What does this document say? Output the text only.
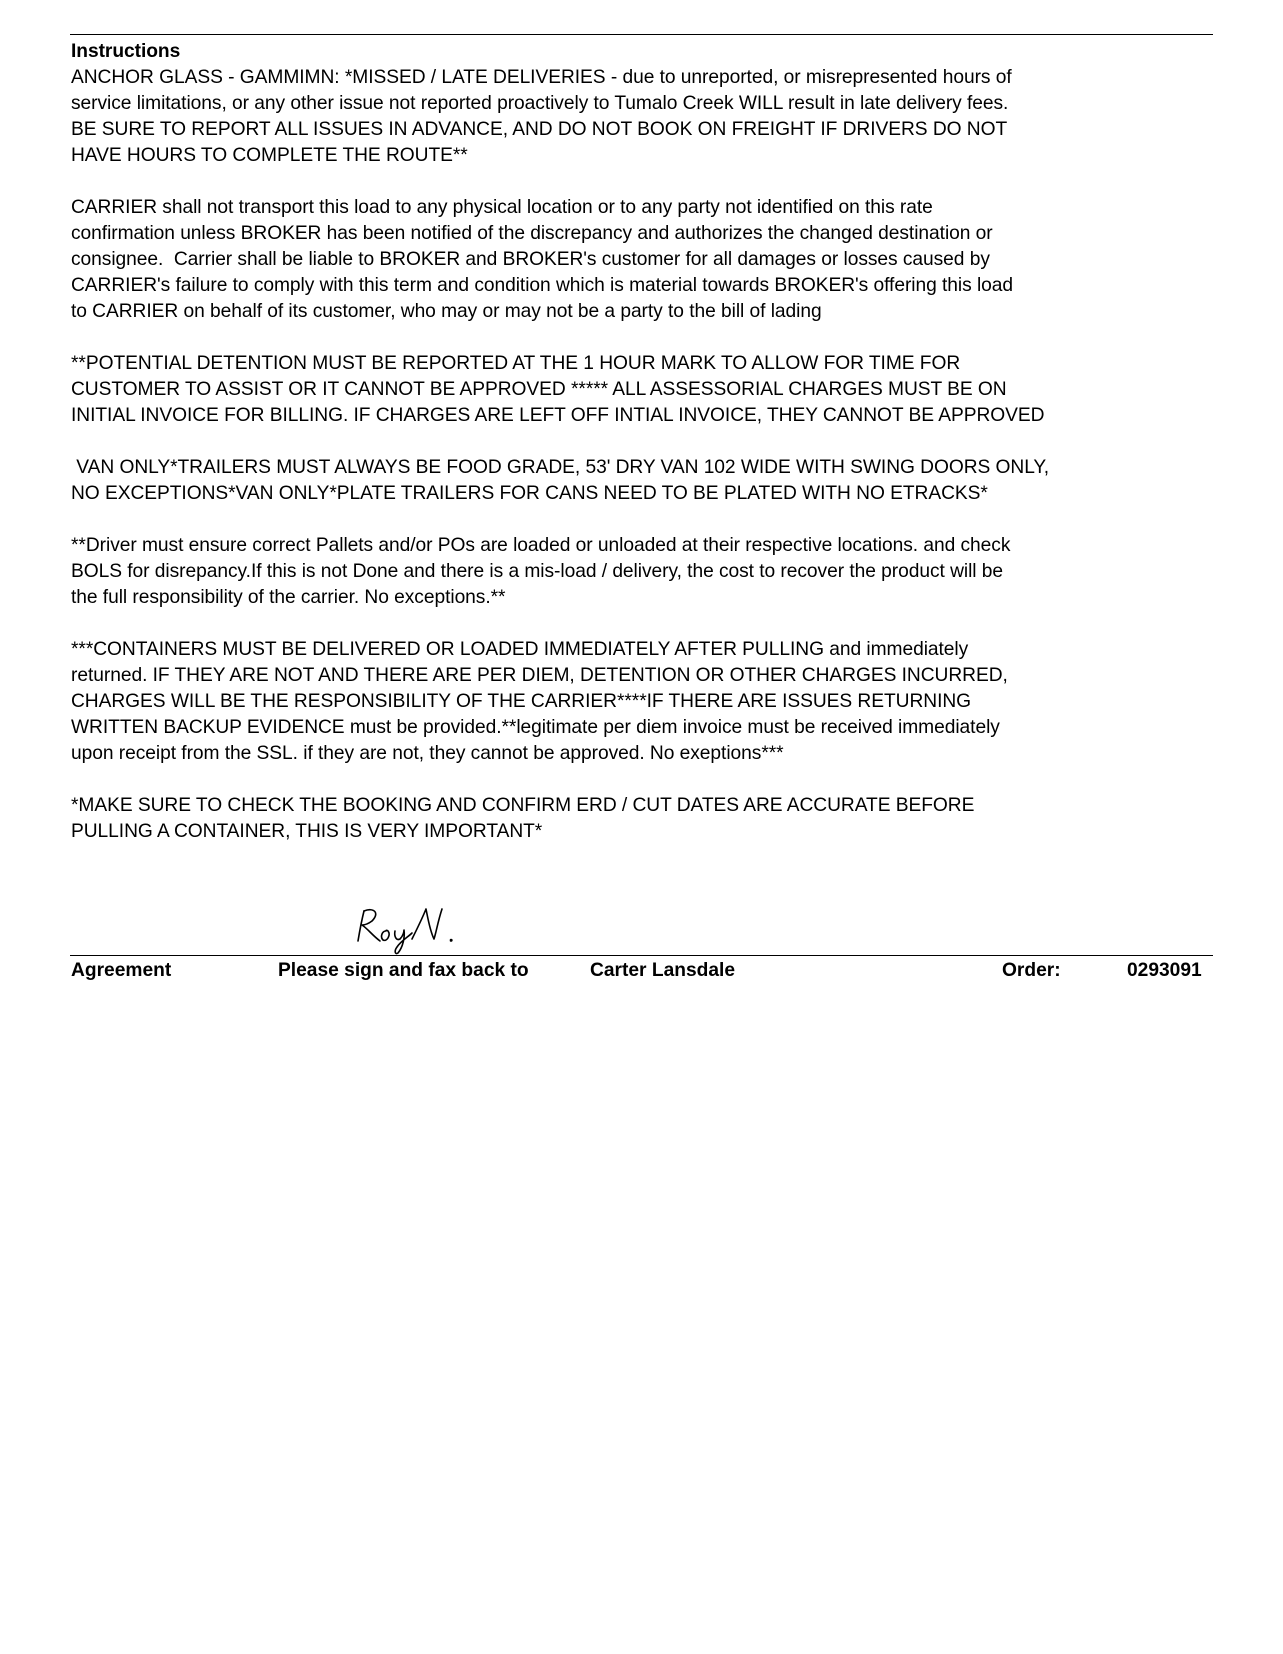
Instructions
ANCHOR GLASS - GAMMIMN: *MISSED / LATE DELIVERIES - due to unreported, or misrepresented hours of
service limitations, or any other issue not reported proactively to Tumalo Creek WILL result in late delivery fees.
BE SURE TO REPORT ALL ISSUES IN ADVANCE, AND DO NOT BOOK ON FREIGHT IF DRIVERS DO NOT
HAVE HOURS TO COMPLETE THE ROUTE**
CARRIER shall not transport this load to any physical location or to any party not identified on this rate
confirmation unless BROKER has been notified of the discrepancy and authorizes the changed destination or
consignee.  Carrier shall be liable to BROKER and BROKER's customer for all damages or losses caused by
CARRIER's failure to comply with this term and condition which is material towards BROKER's offering this load
to CARRIER on behalf of its customer, who may or may not be a party to the bill of lading
**POTENTIAL DETENTION MUST BE REPORTED AT THE 1 HOUR MARK TO ALLOW FOR TIME FOR
CUSTOMER TO ASSIST OR IT CANNOT BE APPROVED ***** ALL ASSESSORIAL CHARGES MUST BE ON
INITIAL INVOICE FOR BILLING. IF CHARGES ARE LEFT OFF INTIAL INVOICE, THEY CANNOT BE APPROVED
VAN ONLY*TRAILERS MUST ALWAYS BE FOOD GRADE, 53' DRY VAN 102 WIDE WITH SWING DOORS ONLY,
NO EXCEPTIONS*VAN ONLY*PLATE TRAILERS FOR CANS NEED TO BE PLATED WITH NO ETRACKS*
**Driver must ensure correct Pallets and/or POs are loaded or unloaded at their respective locations. and check
BOLS for disrepancy.If this is not Done and there is a mis-load / delivery, the cost to recover the product will be
the full responsibility of the carrier. No exceptions.**
***CONTAINERS MUST BE DELIVERED OR LOADED IMMEDIATELY AFTER PULLING and immediately
returned. IF THEY ARE NOT AND THERE ARE PER DIEM, DETENTION OR OTHER CHARGES INCURRED,
CHARGES WILL BE THE RESPONSIBILITY OF THE CARRIER****IF THERE ARE ISSUES RETURNING
WRITTEN BACKUP EVIDENCE must be provided.**legitimate per diem invoice must be received immediately
upon receipt from the SSL. if they are not, they cannot be approved. No exeptions***
*MAKE SURE TO CHECK THE BOOKING AND CONFIRM ERD / CUT DATES ARE ACCURATE BEFORE
PULLING A CONTAINER, THIS IS VERY IMPORTANT*
Agreement	Please sign and fax back to	Carter Lansdale	Order:	0293091
